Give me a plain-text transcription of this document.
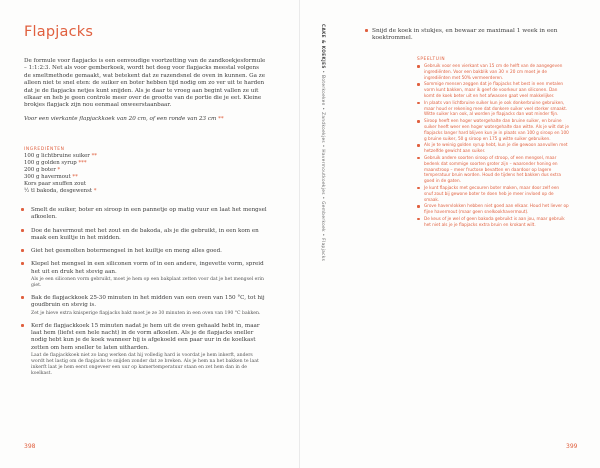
Flapjacks

De formule voor flapjacks is een eenvoudige voortzetting van de zandkoekjesformule – 1:1:2:3. Net als voor gemberkoek, wordt het deeg voor flapjacks meestal volgens de smeltmethode gemaakt, wat betekent dat ze razendsnel de oven in kunnen. Ga ze alleen niet te snel eten: de suiker en boter hebben tijd nodig om zo ver uit te harden dat je de flapjacks netjes kunt snijden. Als je daar te vroeg aan begint vallen ze uit elkaar en heb je geen controle meer over de grootte van de portie die je eet. Kleine brokjes flapjack zijn nou eenmaal onweerstaanbaar.

Voor een vierkante flapjackkoek van 20 cm, of een ronde van 23 cm **

INGREDIËNTEN
100 g lichtbruine suiker **
100 g golden syrup ***
200 g boter *
300 g havermout **
Kors paar snuffen zout
½ tl bakoda, desgewenst *
Smelt de suiker, boter en siroop in een pannetje op matig vuur en laat het mengsel afkoelen.
Doe de havermout met het zout en de bakoda, als je die gebruikt, in een kom en maak een kuiltje in het midden.
Giet het gesmolten botermengsel in het kuiltje en meng alles goed.
Klepel het mengsel in een siliconen vorm of in een andere, ingevette vorm, spreid het uit en druk het stevig aan.
Als je een siliconen vorm gebruikt, moet je hem op een bakplaat zetten voor dat je het mengsel erin giet.
Bak de flapjackkoek 25-30 minuten in het midden van een oven van 150 °C, tot hij goudbruin en stevig is.
Zet je hieve extra knisperige flapjacks bakt moet je ze 30 minuten in een oven van 190 °C bakken.
Kerf de flapjackkoek 15 minuten nadat je hem uit de oven gehaald hebt in, maar laat hem (liefst een hele nacht) in de vorm afkoelen. Als je de flapjacks sneller nodig hebt kun je de koek wanneer hij is afgekoeld een paar uur in de koelkast zetten om hem sneller te laten uitharden.
Laat de flapjackkoek niet zo lang werken dat hij volledig hard is voordat je hem inkerft, anders wordt het lastig om de flapjacks te snijden zonder dat ze breken. Als je hem na het bakken te laat inkerft laat je hem eerst ongeveer een uur op kamertemperatuur staan en zet hem dan in de koelkast.
398
CAKE & KOEKJES • Boterkoeken • Zandkoekjes • Havermoutkoekjes • Gemberkoek • Flapjacks
Snijd de koek in stukjes, en bewaar ze maximaal 1 week in een koektrommel.
SPEELTUIN
Gebruik voor een vierkant van 15 cm de helft van de aangegeven ingrediënten. Voor een bakblik van 30 × 20 cm moet je de ingrediënten met 50% vermeerderen.
Sommige mensen zeggen dat je flapjacks het best in een metalen vorm kunt bakken, maar ik geef de voorkeur aan siliconen. Dan komt de koek beter uit en het afwassen gaat veel makkelijker.
In plaats van lichtbruine suiker kun je ook donkerbruine gebruiken, maar houd er rekening mee dat donkere suiker veel sterker smaakt. Witte suiker kan ook, al worden je flapjacks dan wat minder fijn.
Siroop heeft een hoger watergehalte dan bruine suiker, en bruine suiker heeft weer een hoger watergehalte dan witte. Als je wilt dat je flapjacks langer hard blijven kun je in plaats van 100 g siroop en 100 g bruine suiker, 50 g siroop en 175 g witte suiker gebruiken.
Als je te weinig golden syrup hebt, kun je die gewoon aanvullen met hetzelfde gewicht aan suiker.
Gebruik andere soorten siroop of stroop, of een mengsel, maar bedenk dat sommige soorten groter zijn – waaronder honing en maanstroop – meer fructose bevatten en daardoor op lagere temperatuur bruin worden. Houd de tijdens het bakken dus extra goed in de gaten.
Je kunt flapjacks met gecouren boter maken, maar door zelf een snuf zout bij gewone boter te doen heb je meer invloed op de smaak.
Grove havervlokken hebben niet goed aan elkaar. Houd het liever op fijne havermout (maar geen snelkookhavermout).
De keus of je wel of geen bakoda gebruikt is aan jou, maar gebruik het niet als je je flapjacks extra bruin en krokant wilt.
399
